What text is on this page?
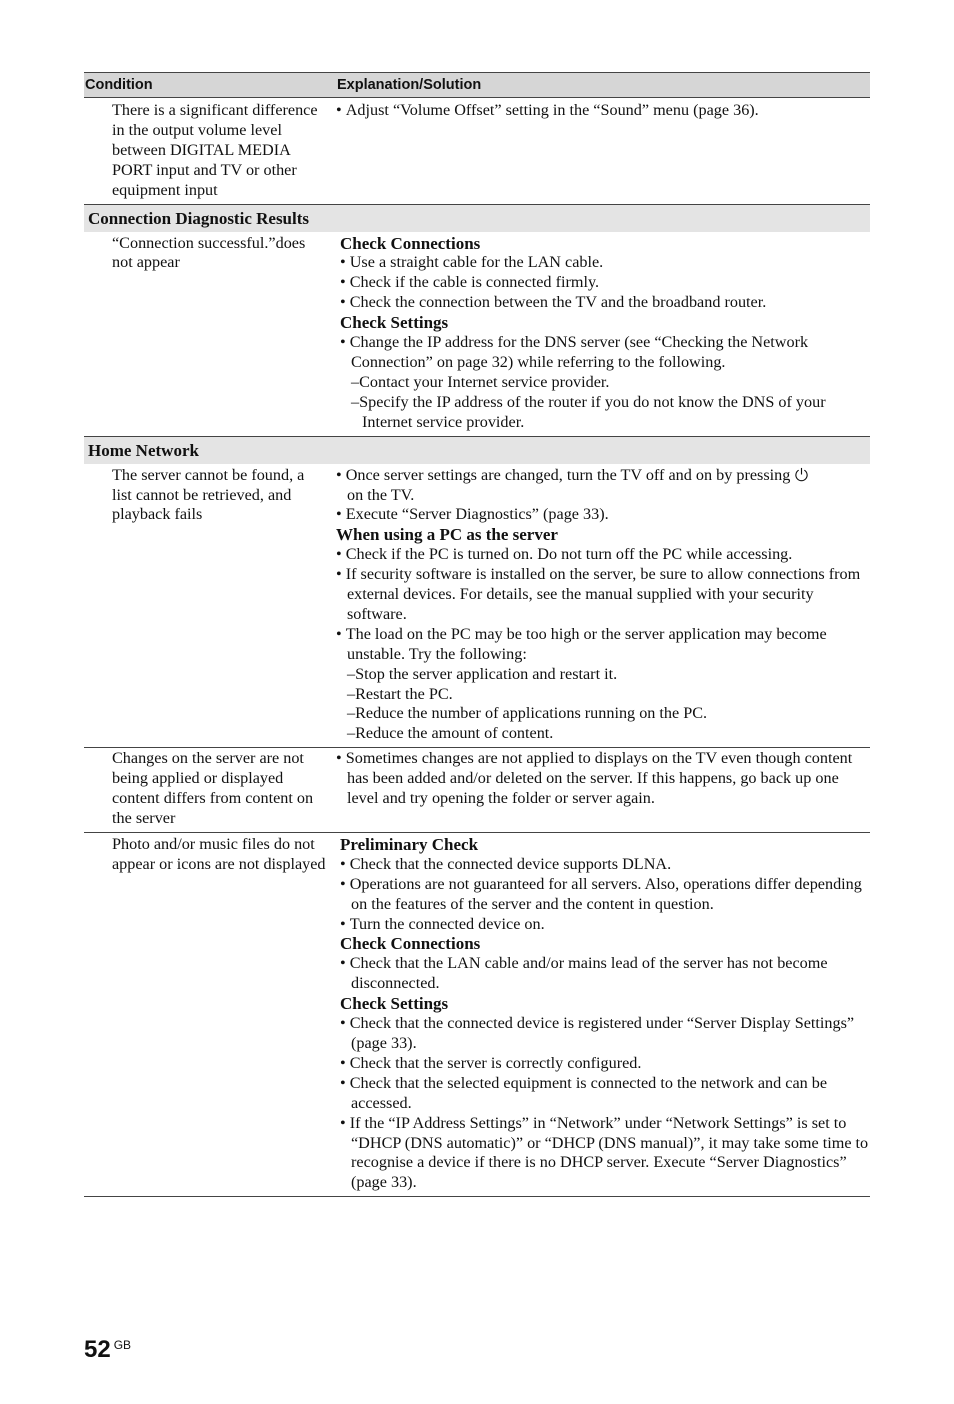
Condition	Explanation/Solution
There is a significant difference in the output volume level between DIGITAL MEDIA PORT input and TV or other equipment input
• Adjust “Volume Offset” setting in the “Sound” menu (page 36).
Connection Diagnostic Results
“Connection successful.”does not appear
Check Connections
• Use a straight cable for the LAN cable.
• Check if the cable is connected firmly.
• Check the connection between the TV and the broadband router.
Check Settings
• Change the IP address for the DNS server (see “Checking the Network Connection” on page 32) while referring to the following.
– Contact your Internet service provider.
– Specify the IP address of the router if you do not know the DNS of your Internet service provider.
Home Network
The server cannot be found, a list cannot be retrieved, and playback fails
• Once server settings are changed, turn the TV off and on by pressing
on the TV.
• Execute “Server Diagnostics” (page 33).
When using a PC as the server
• Check if the PC is turned on. Do not turn off the PC while accessing.
• If security software is installed on the server, be sure to allow connections from external devices. For details, see the manual supplied with your security software.
• The load on the PC may be too high or the server application may become unstable. Try the following:
– Stop the server application and restart it.
– Restart the PC.
– Reduce the number of applications running on the PC.
– Reduce the amount of content.
Changes on the server are not being applied or displayed content differs from content on the server
• Sometimes changes are not applied to displays on the TV even though content has been added and/or deleted on the server. If this happens, go back up one level and try opening the folder or server again.
Photo and/or music files do not appear or icons are not displayed
Preliminary Check
• Check that the connected device supports DLNA.
• Operations are not guaranteed for all servers. Also, operations differ depending on the features of the server and the content in question.
• Turn the connected device on.
Check Connections
• Check that the LAN cable and/or mains lead of the server has not become disconnected.
Check Settings
• Check that the connected device is registered under “Server Display Settings” (page 33).
• Check that the server is correctly configured.
• Check that the selected equipment is connected to the network and can be accessed.
• If the “IP Address Settings” in “Network” under “Network Settings” is set to “DHCP (DNS automatic)” or “DHCP (DNS manual)”, it may take some time to recognise a device if there is no DHCP server. Execute “Server Diagnostics” (page 33).
52 $^{GB}$
